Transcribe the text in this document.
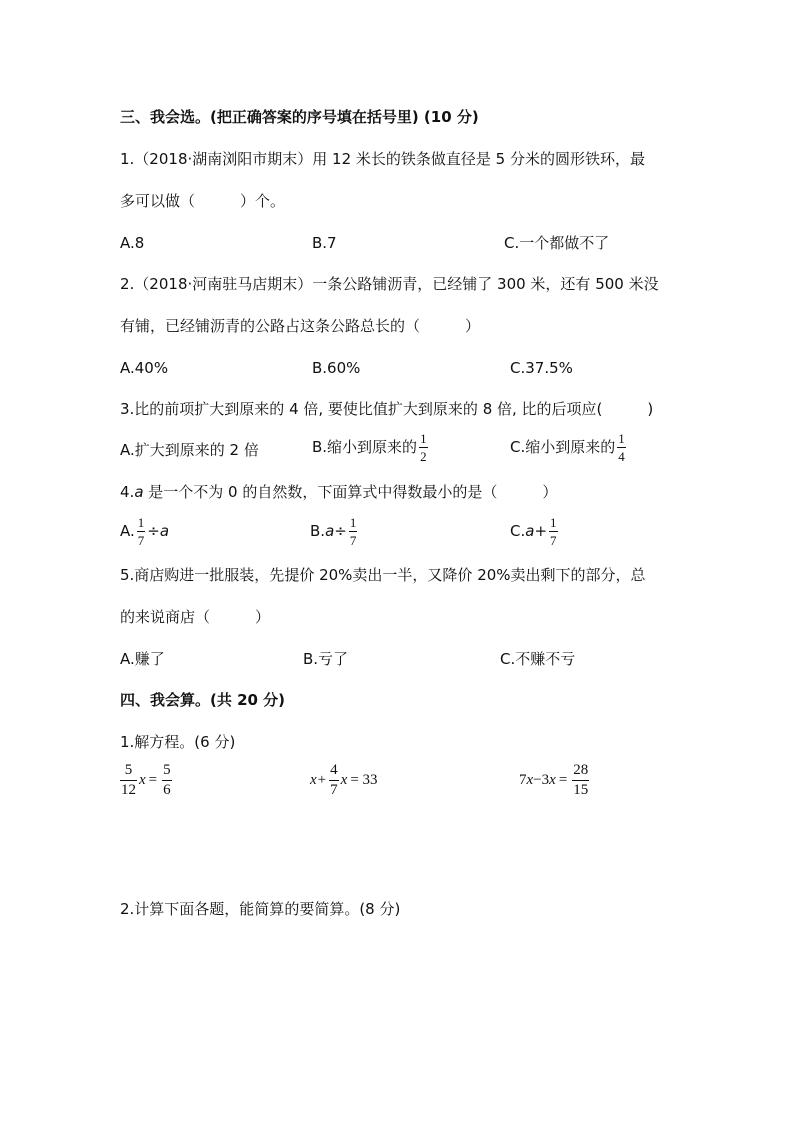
三、我会选。(把正确答案的序号填在括号里) (10 分)
1.（2018·湖南浏阳市期末）用 12 米长的铁条做直径是 5 分米的圆形铁环，最
多可以做（　　　）个。
A.8	B.7	C.一个都做不了
2.（2018·河南驻马店期末）一条公路铺沥青，已经铺了 300 米，还有 500 米没
有铺，已经铺沥青的公路占这条公路总长的（　　　）
A.40%	B.60%	C.37.5%
3.比的前项扩大到原来的 4 倍, 要使比值扩大到原来的 8 倍, 比的后项应(　　　)
A.扩大到原来的 2 倍	B.缩小到原来的 $\frac{1}{2}$	C.缩小到原来的 $\frac{1}{4}$
4.a 是一个不为 0 的自然数，下面算式中得数最小的是（　　　）
A. $\frac{1}{7} \div a$	B. $a \div \frac{1}{7}$	C. $a + \frac{1}{7}$
5.商店购进一批服装，先提价 20%卖出一半，又降价 20%卖出剩下的部分，总
的来说商店（　　　）
A.赚了	B.亏了	C.不赚不亏
四、我会算。(共 20 分)
1.解方程。(6 分)
$\frac{5}{12}$ $x = \frac{5}{6}$	$x + \frac{4}{7}$ x = 33	7 x −3 $x = \frac{28}{15}$
2.计算下面各题，能简算的要简算。(8 分)
